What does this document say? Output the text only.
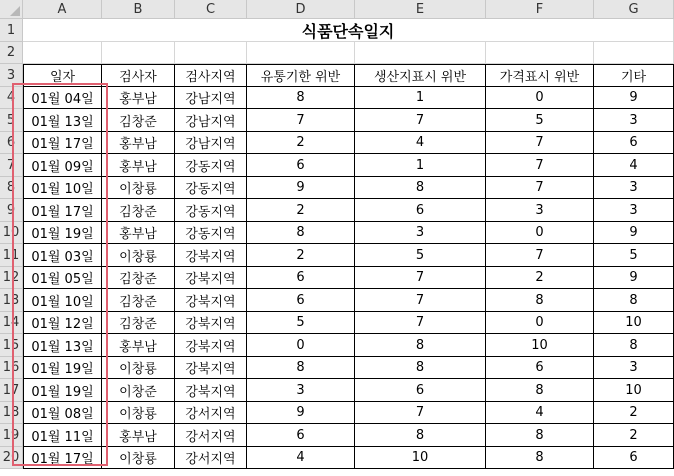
A	B	C	D	E	F	G
1
2
3
4
5
6
7
8
9
10
11
12
13
14
15
16
17
18
19
20
식품단속일지
일자	검사자	검사지역	유통기한 위반	생산지표시 위반	가격표시 위반	기타
01월 04일	홍부남	강남지역	8	1	0	9
01월 13일	김창준	강남지역	7	7	5	3
01월 17일	홍부남	강남지역	2	4	7	6
01월 09일	홍부남	강동지역	6	1	7	4
01월 10일	이창룡	강동지역	9	8	7	3
01월 17일	김창준	강동지역	2	6	3	3
01월 19일	홍부남	강동지역	8	3	0	9
01월 03일	이창룡	강북지역	2	5	7	5
01월 05일	김창준	강북지역	6	7	2	9
01월 10일	김창준	강북지역	6	7	8	8
01월 12일	김창준	강북지역	5	7	0	10
01월 13일	홍부남	강북지역	0	8	10	8
01월 19일	이창룡	강북지역	8	8	6	3
01월 19일	이창준	강북지역	3	6	8	10
01월 08일	이창룡	강서지역	9	7	4	2
01월 11일	홍부남	강서지역	6	8	8	2
01월 17일	이창룡	강서지역	4	10	8	6
